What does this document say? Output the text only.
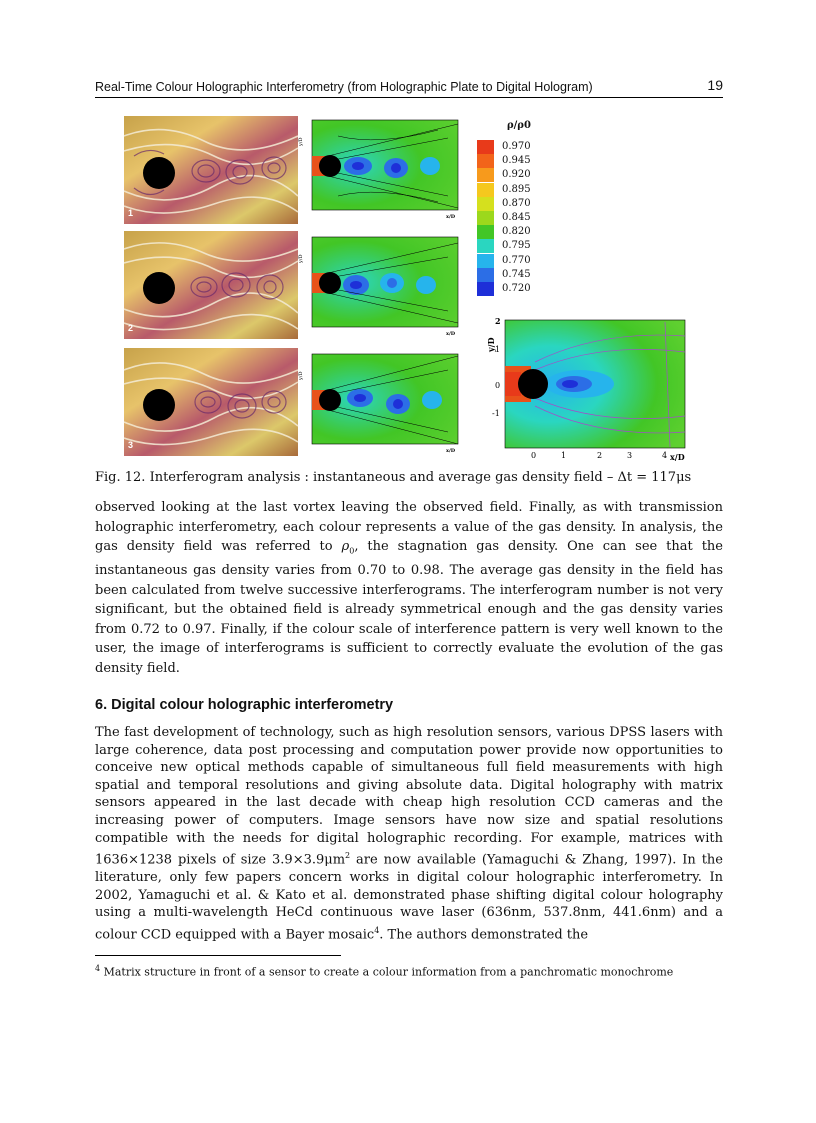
Real-Time Colour Holographic Interferometry (from Holographic Plate to Digital Hologram)	19
1
2
3
y/D
x/D
y/D
x/D
y/D
x/D
ρ/ρ0
0.970
0.945
0.920
0.895
0.870
0.845
0.820
0.795
0.770
0.745
0.720
2
1
0
-1
y/D
0	1	2	3	4 x/D
Fig. 12. Interferogram analysis : instantaneous and average gas density field – Δt = 117μs
observed looking at the last vortex leaving the observed field. Finally, as with transmission holographic interferometry, each colour represents a value of the gas density. In analysis, the gas density field was referred to $\rho_0$, the stagnation gas density. One can see that the instantaneous gas density varies from 0.70 to 0.98. The average gas density in the field has been calculated from twelve successive interferograms. The interferogram number is not very significant, but the obtained field is already symmetrical enough and the gas density varies from 0.72 to 0.97. Finally, if the colour scale of interference pattern is very well known to the user, the image of interferograms is sufficient to correctly evaluate the evolution of the gas density field.
6. Digital colour holographic interferometry
The fast development of technology, such as high resolution sensors, various DPSS lasers with large coherence, data post processing and computation power provide now opportunities to conceive new optical methods capable of simultaneous full field measurements with high spatial and temporal resolutions and giving absolute data. Digital holography with matrix sensors appeared in the last decade with cheap high resolution CCD cameras and the increasing power of computers. Image sensors have now size and spatial resolutions compatible with the needs for digital holographic recording. For example, matrices with 1636×1238 pixels of size $3.9\times 3.9\mu m^2$ are now available (Yamaguchi & Zhang, 1997). In the literature, only few papers concern works in digital colour holographic interferometry. In 2002, Yamaguchi et al. & Kato et al. demonstrated phase shifting digital colour holography using a multi-wavelength HeCd continuous wave laser (636nm, 537.8nm, 441.6nm) and a colour CCD equipped with a Bayer mosaic$^4$. The authors demonstrated the
$^4$ Matrix structure in front of a sensor to create a colour information from a panchromatic monochrome
